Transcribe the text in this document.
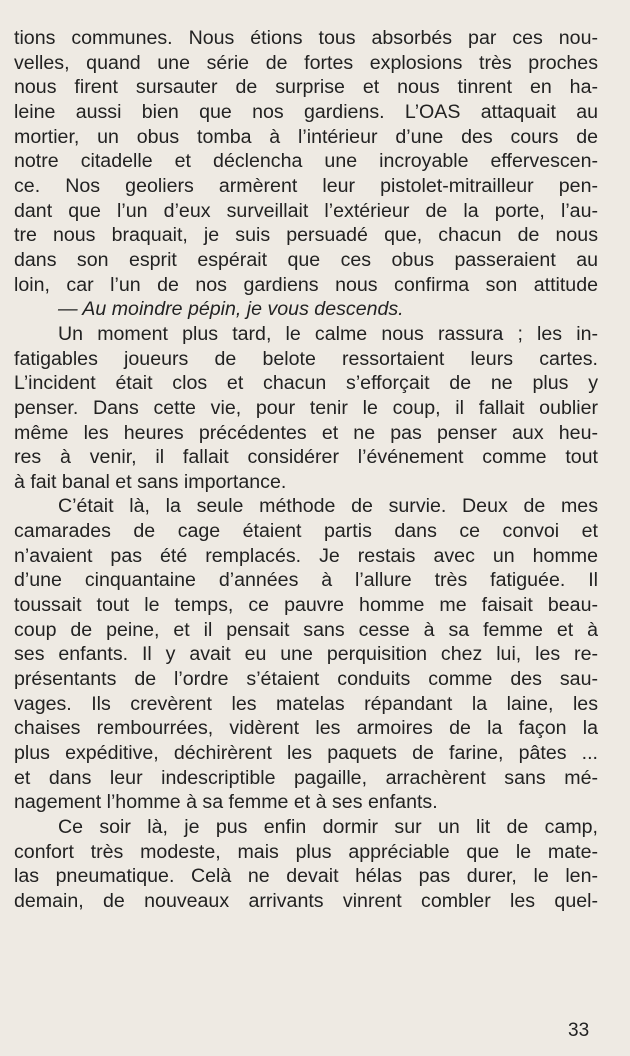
tions communes. Nous étions tous absorbés par ces nou-
velles, quand une série de fortes explosions très proches
nous firent sursauter de surprise et nous tinrent en ha-
leine aussi bien que nos gardiens. L’OAS attaquait au
mortier, un obus tomba à l’intérieur d’une des cours de
notre citadelle et déclencha une incroyable effervescen-
ce. Nos geoliers armèrent leur pistolet-mitrailleur pen-
dant que l’un d’eux surveillait l’extérieur de la porte, l’au-
tre nous braquait, je suis persuadé que, chacun de nous
dans son esprit espérait que ces obus passeraient au
loin, car l’un de nos gardiens nous confirma son attitude

— Au moindre pépin, je vous descends.

Un moment plus tard, le calme nous rassura ; les in-
fatigables joueurs de belote ressortaient leurs cartes.
L’incident était clos et chacun s’efforçait de ne plus y
penser. Dans cette vie, pour tenir le coup, il fallait oublier
même les heures précédentes et ne pas penser aux heu-
res à venir, il fallait considérer l’événement comme tout
à fait banal et sans importance.

C’était là, la seule méthode de survie. Deux de mes
camarades de cage étaient partis dans ce convoi et
n’avaient pas été remplacés. Je restais avec un homme
d’une cinquantaine d’années à l’allure très fatiguée. Il
toussait tout le temps, ce pauvre homme me faisait beau-
coup de peine, et il pensait sans cesse à sa femme et à
ses enfants. Il y avait eu une perquisition chez lui, les re-
présentants de l’ordre s’étaient conduits comme des sau-
vages. Ils crevèrent les matelas répandant la laine, les
chaises rembourrées, vidèrent les armoires de la façon la
plus expéditive, déchirèrent les paquets de farine, pâtes ...
et dans leur indescriptible pagaille, arrachèrent sans mé-
nagement l’homme à sa femme et à ses enfants.

Ce soir là, je pus enfin dormir sur un lit de camp,
confort très modeste, mais plus appréciable que le mate-
las pneumatique. Celà ne devait hélas pas durer, le len-
demain, de nouveaux arrivants vinrent combler les quel-

33
